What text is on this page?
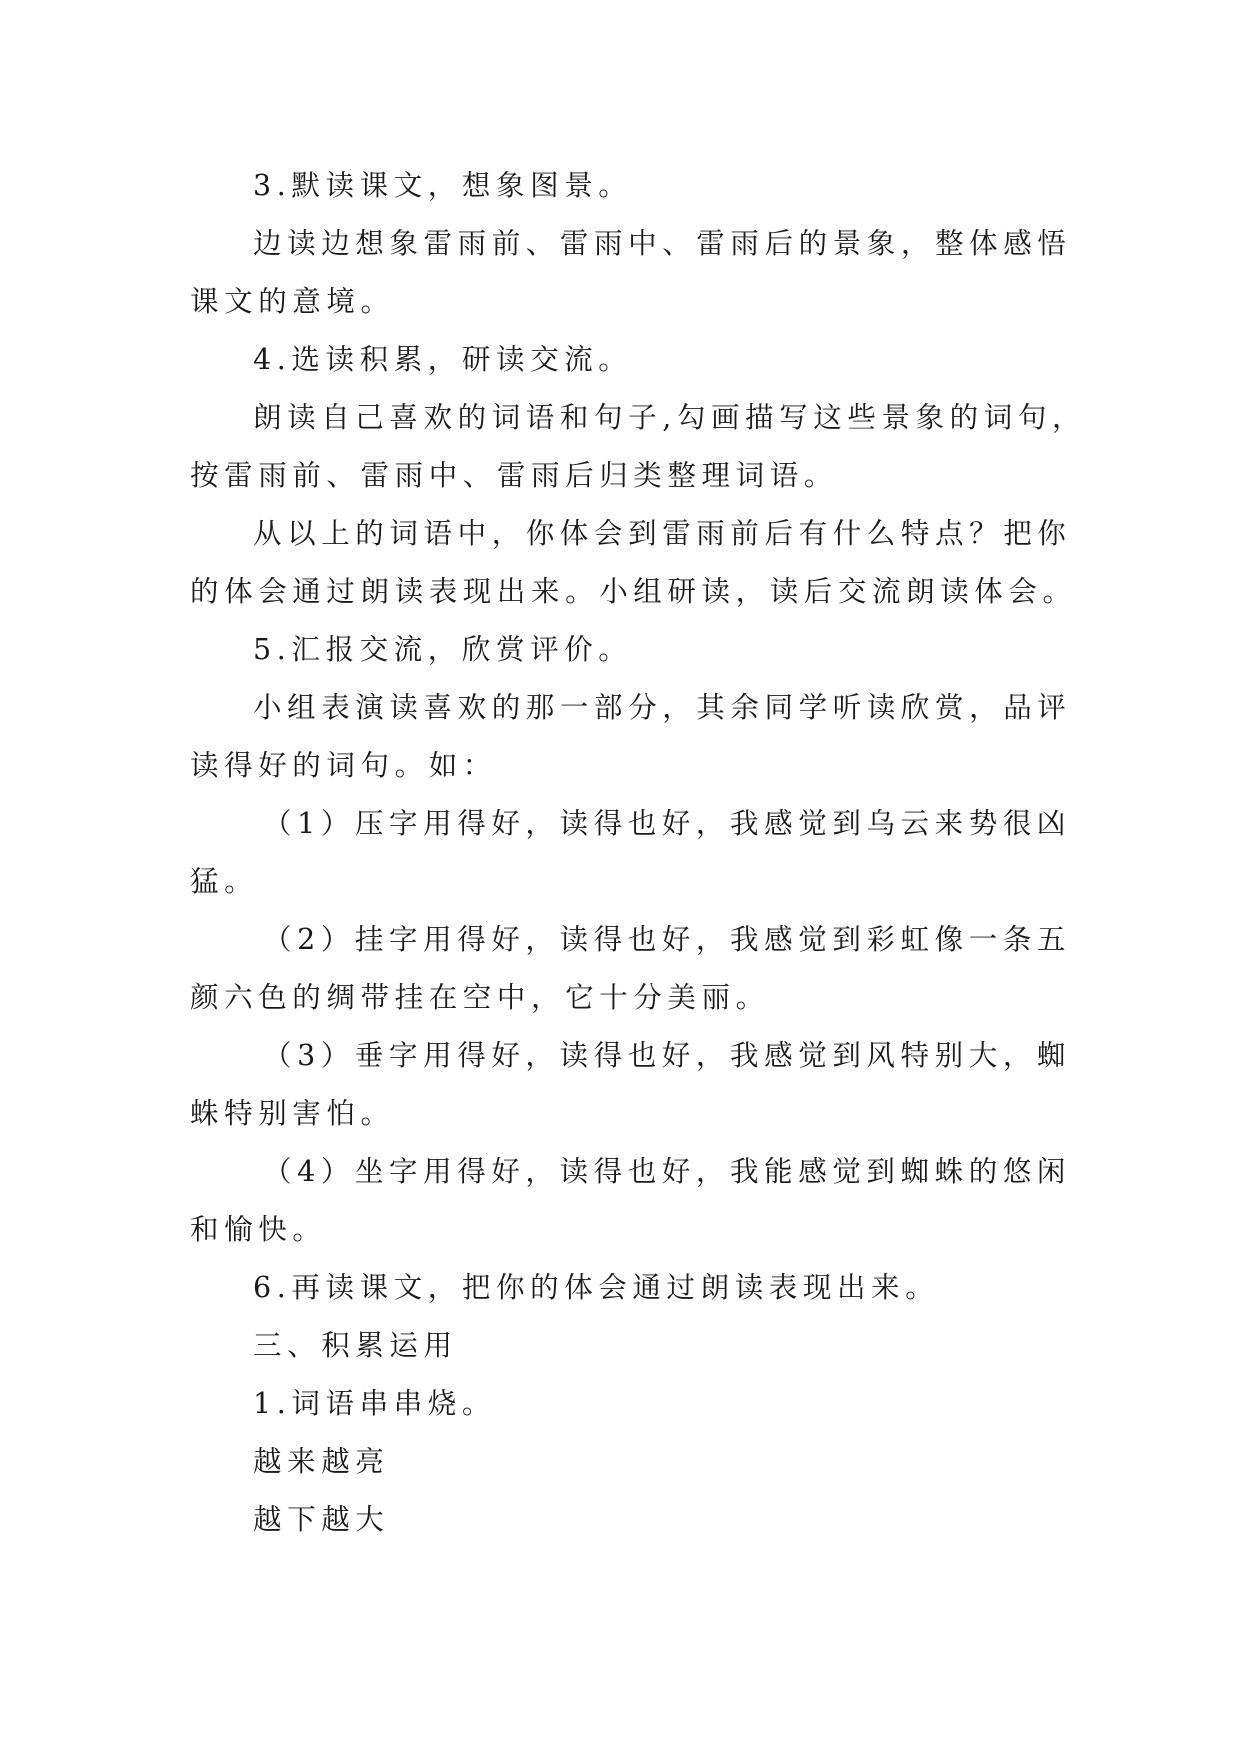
3.默读课文，想象图景。
边读边想象雷雨前、雷雨中、雷雨后的景象，整体感悟
课文的意境。
4.选读积累，研读交流。
朗读自己喜欢的词语和句子,勾画描写这些景象的词句，
按雷雨前、雷雨中、雷雨后归类整理词语。
从以上的词语中，你体会到雷雨前后有什么特点？把你
的体会通过朗读表现出来。小组研读，读后交流朗读体会。
5.汇报交流，欣赏评价。
小组表演读喜欢的那一部分，其余同学听读欣赏，品评
读得好的词句。如：
（1）压字用得好，读得也好，我感觉到乌云来势很凶
猛。
（2）挂字用得好，读得也好，我感觉到彩虹像一条五
颜六色的绸带挂在空中，它十分美丽。
（3）垂字用得好，读得也好，我感觉到风特别大，蜘
蛛特别害怕。
（4）坐字用得好，读得也好，我能感觉到蜘蛛的悠闲
和愉快。
6.再读课文，把你的体会通过朗读表现出来。
三、积累运用
1.词语串串烧。
越来越亮
越下越大
